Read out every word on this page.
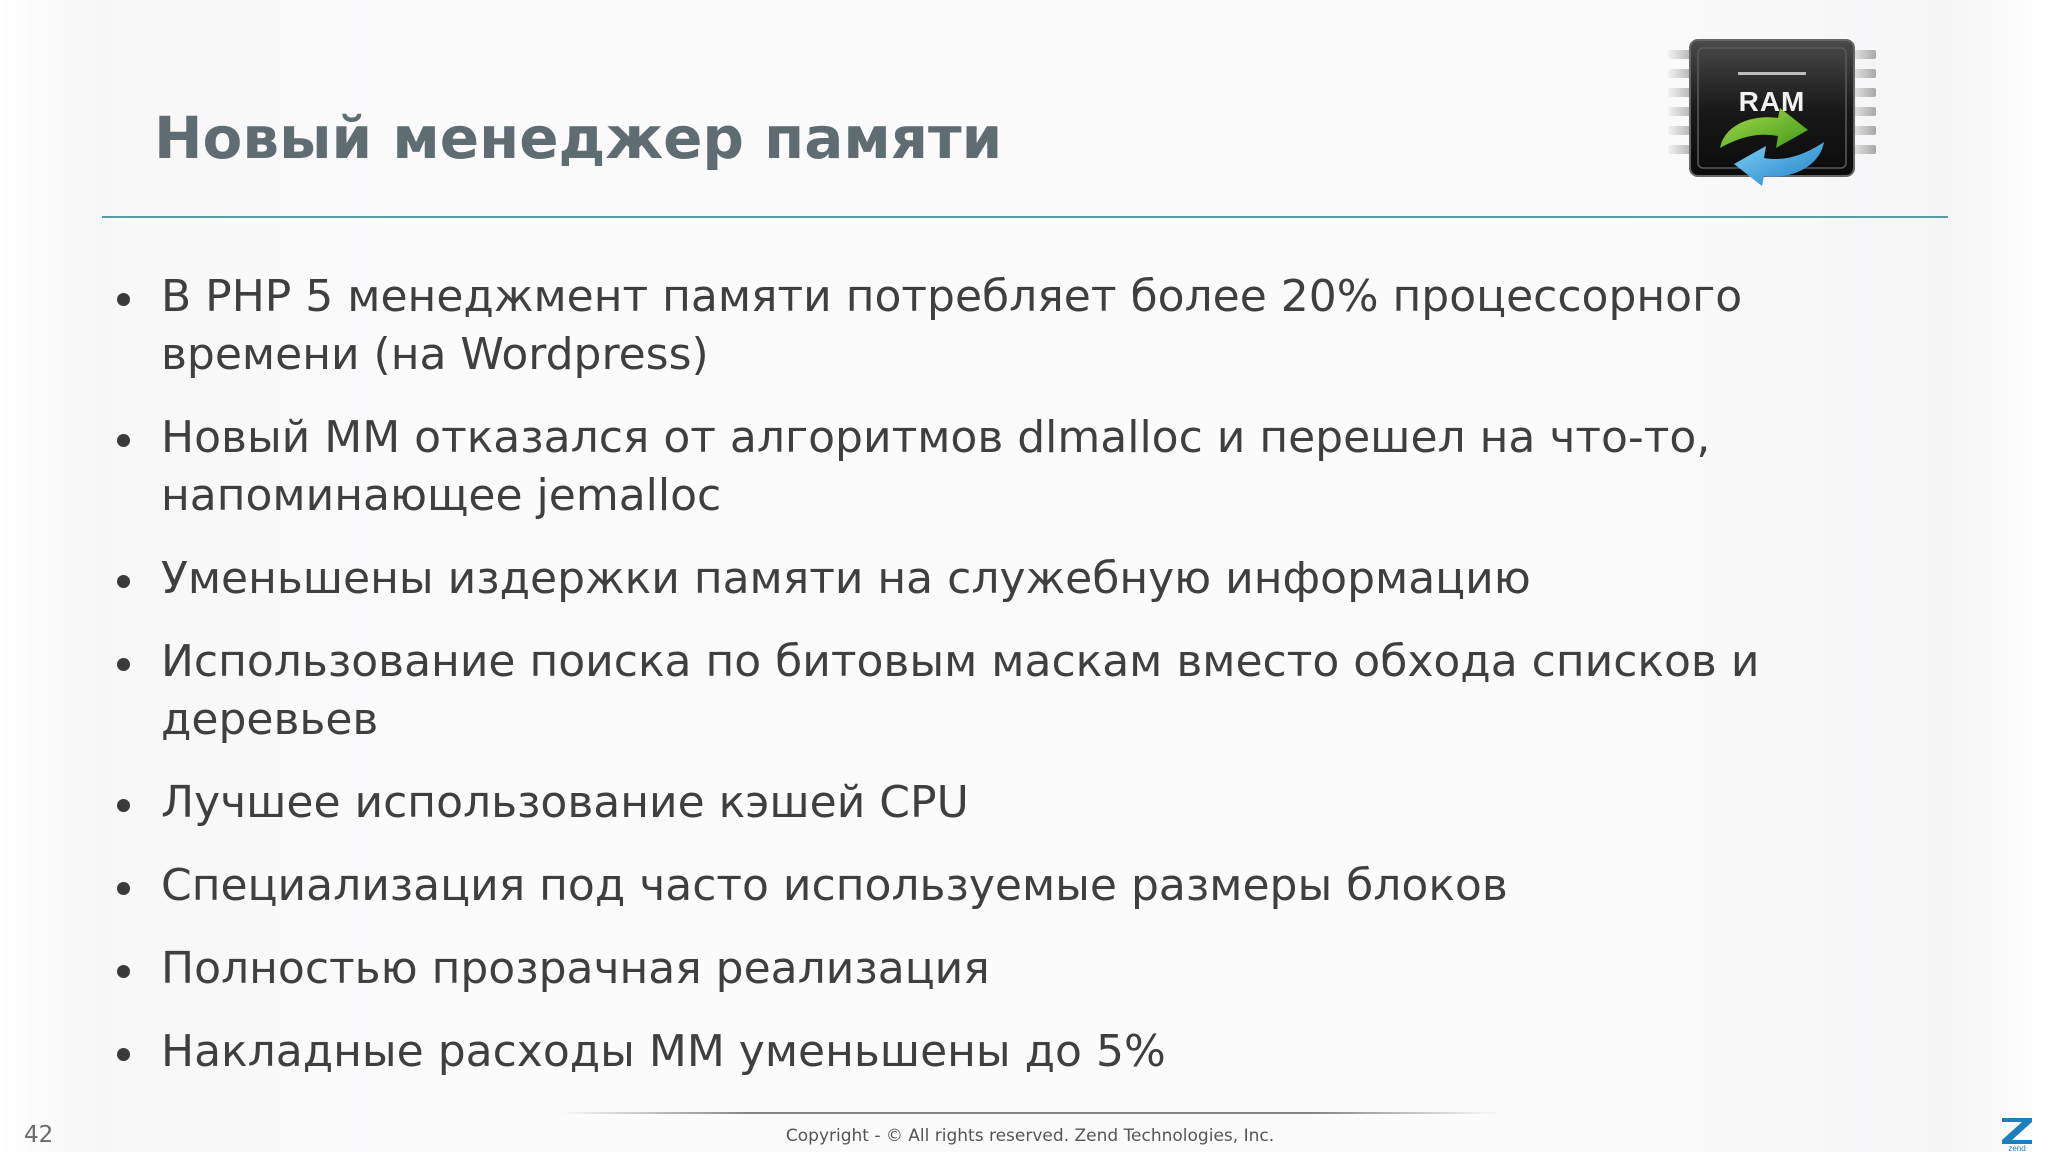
Новый менеджер памяти
RAM
В PHP 5 менеджмент памяти потребляет более 20% процессорного времени (на Wordpress)
Новый MM отказался от алгоритмов dlmalloc и перешел на что-то, напоминающее jemalloc
Уменьшены издержки памяти на служебную информацию
Использование поиска по битовым маскам вместо обхода списков и деревьев
Лучшее использование кэшей CPU
Специализация под часто используемые размеры блоков
Полностью прозрачная реализация
Накладные расходы MM уменьшены до 5%
42	Copyright - © All rights reserved. Zend Technologies, Inc.
zend
